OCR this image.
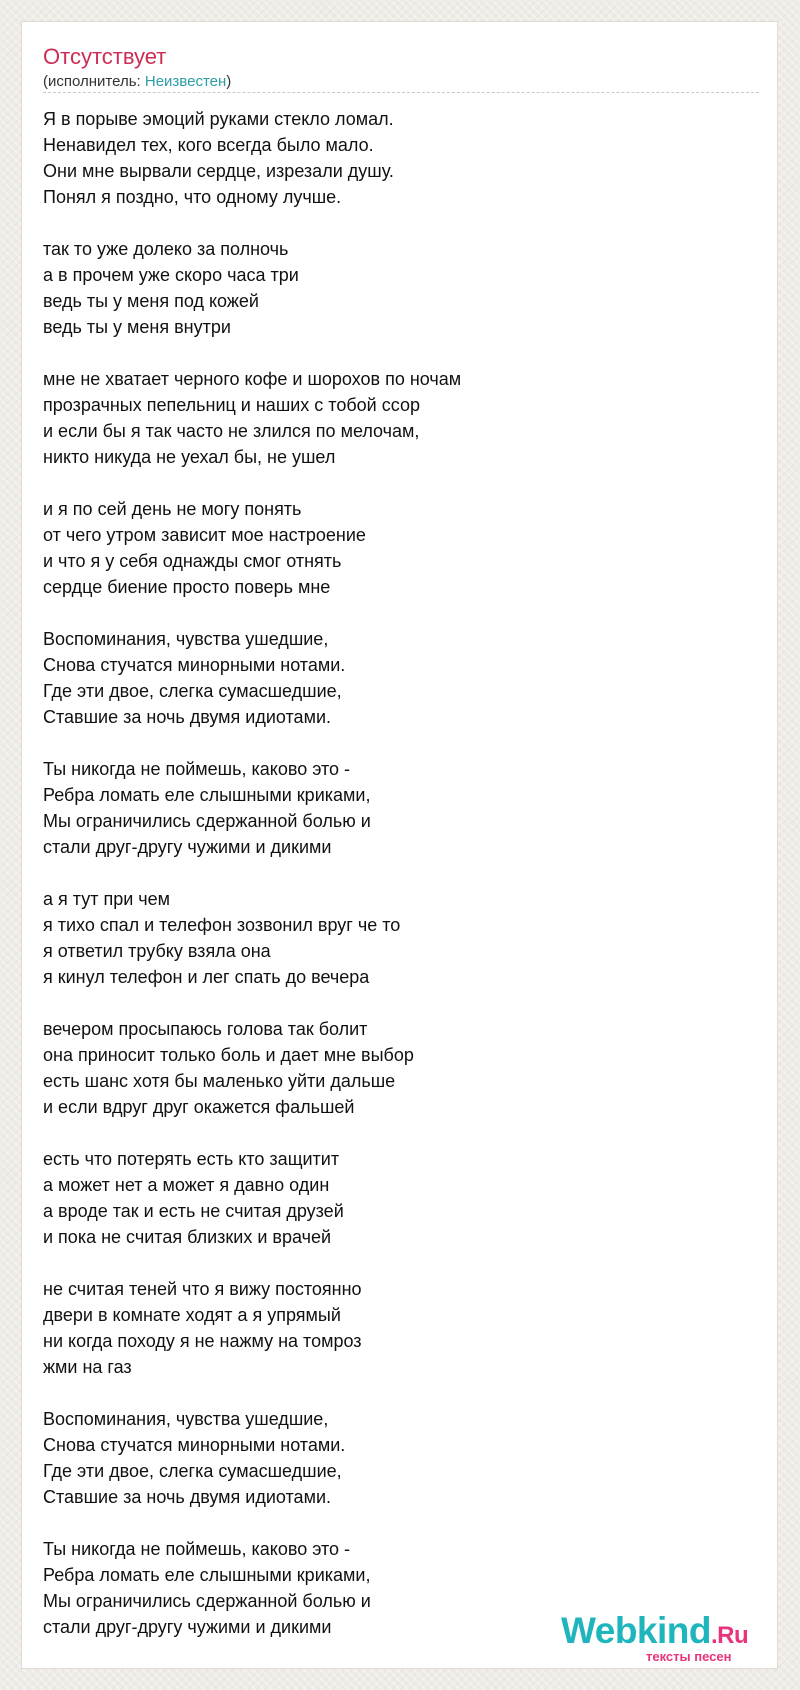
Отсутствует
(исполнитель: Неизвестен)
Я в порыве эмоций руками стекло ломал.
Ненавидел тех, кого всегда было мало.
Они мне вырвали сердце, изрезали душу.
Понял я поздно, что одному лучше.
так то уже долеко за полночь
а в прочем уже скоро часа три
ведь ты у меня под кожей
ведь ты у меня внутри
мне не хватает черного кофе и шорохов по ночам
прозрачных пепельниц и наших с тобой ссор
и если бы я так часто не злился по мелочам,
никто никуда не уехал бы, не ушел
и я по сей день не могу понять
от чего утром зависит мое настроение
и что я у себя однажды смог отнять
сердце биение просто поверь мне
Воспоминания, чувства ушедшие,
Снова стучатся минорными нотами.
Где эти двое, слегка сумасшедшие,
Ставшие за ночь двумя идиотами.
Ты никогда не поймешь, каково это -
Ребра ломать еле слышными криками,
Мы ограничились сдержанной болью и
стали друг-другу чужими и дикими
а я тут при чем
я тихо спал и телефон зозвонил вруг че то
я ответил трубку взяла она
я кинул телефон и лег спать до вечера
вечером просыпаюсь голова так болит
она приносит только боль и дает мне выбор
есть шанс хотя бы маленько уйти дальше
и если вдруг друг окажется фальшей
есть что потерять есть кто защитит
а может нет а может я давно один
а вроде так и есть не считая друзей
и пока не считая близких и врачей
не считая теней что я вижу постоянно
двери в комнате ходят а я упрямый
ни когда походу я не нажму на томроз
жми на газ
Воспоминания, чувства ушедшие,
Снова стучатся минорными нотами.
Где эти двое, слегка сумасшедшие,
Ставшие за ночь двумя идиотами.
Ты никогда не поймешь, каково это -
Ребра ломать еле слышными криками,
Мы ограничились сдержанной болью и
стали друг-другу чужими и дикими	Webkind.Ru
тексты песен
